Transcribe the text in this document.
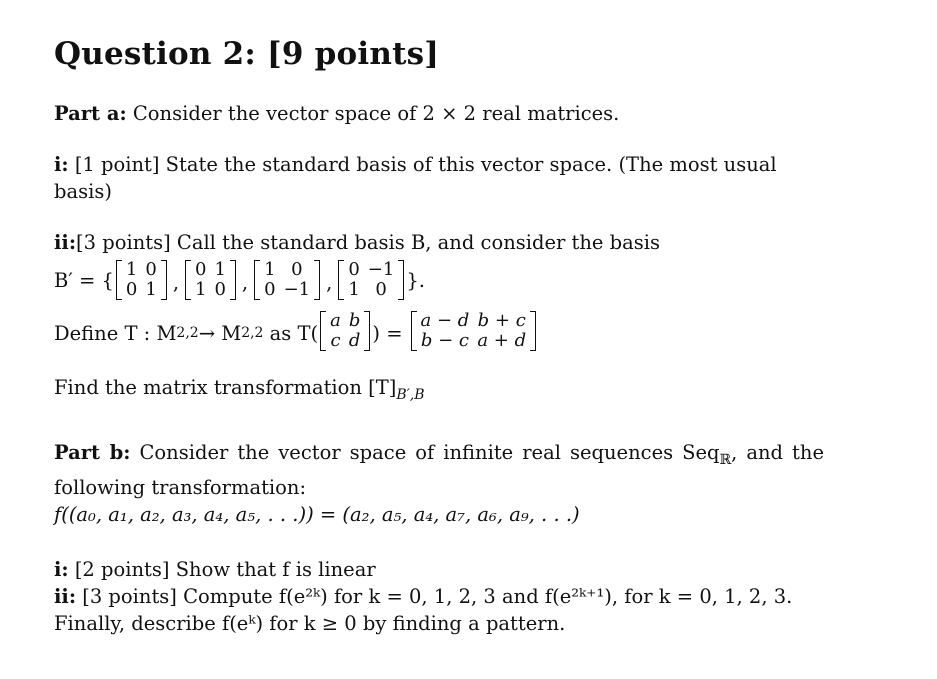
Question 2: [9 points]
Part a: Consider the vector space of 2 × 2 real matrices.
i: [1 point] State the standard basis of this vector space. (The most usual basis)
ii:[3 points] Call the standard basis B, and consider the basis
B′ = { 1	0
0	1 ,
0	1
1	0 ,
1	0
0	−1 ,
0	−1
1	0 }.
Define T : M 2,2 → M 2,2 as T(
a	b
c	d ) =
a − d	b + c
b − c	a + d
Find the matrix transformation $[T]_{B',B}$
Part b: Consider the vector space of infinite real sequences Seq$_ℝ$, and the following transformation:
f((a₀, a₁, a₂, a₃, a₄, a₅, . . .)) = (a₂, a₅, a₄, a₇, a₆, a₉, . . .)
i: [2 points] Show that f is linear
ii: [3 points] Compute f(e²ᵏ) for k = 0, 1, 2, 3 and f(e²ᵏ⁺¹), for k = 0, 1, 2, 3.
Finally, describe f(eᵏ) for k ≥ 0 by finding a pattern.
